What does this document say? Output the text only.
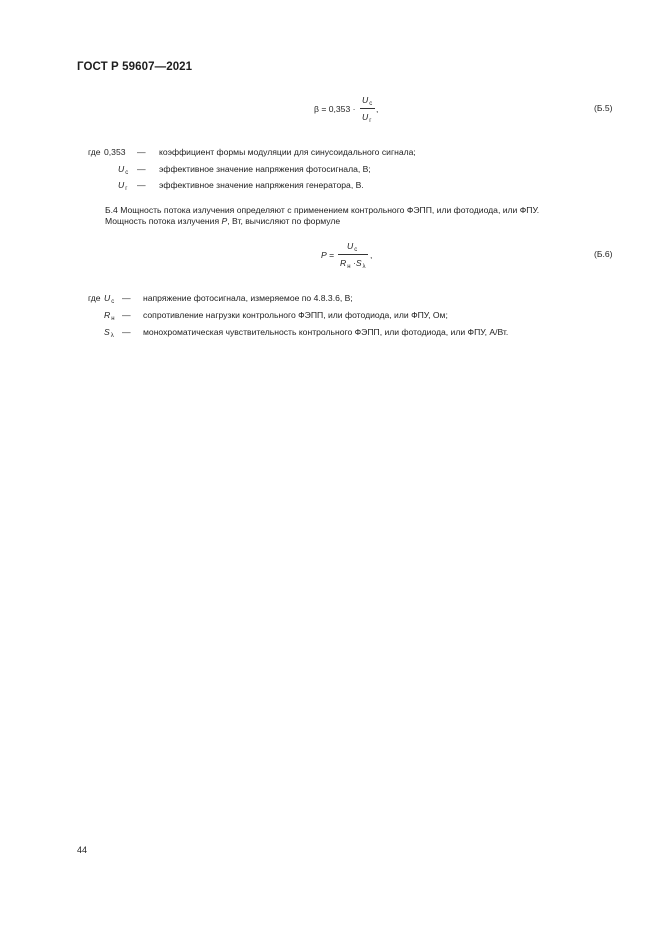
ГОСТ Р 59607—2021
β = 0,353 ·
$U_c$
$U_г$
,	(Б.5)
где 0,353 — коэффициент формы модуляции для синусоидального сигнала;
$U_c$ — эффективное значение напряжения фотосигнала, В;
$U_г$ — эффективное значение напряжения генератора, В.
Б.4 Мощность потока излучения определяют с применением контрольного ФЭПП, или фотодиода, или ФПУ.
Мощность потока излучения P, Вт, вычисляют по формуле
P =
$U_c$
$R_н \cdot S_\lambda$
,	(Б.6)
где $U_c$ — напряжение фотосигнала, измеряемое по 4.8.3.6, В;
$R_н$ — сопротивление нагрузки контрольного ФЭПП, или фотодиода, или ФПУ, Ом;
$S_\lambda$ — монохроматическая чувствительность контрольного ФЭПП, или фотодиода, или ФПУ, А/Вт.
44
